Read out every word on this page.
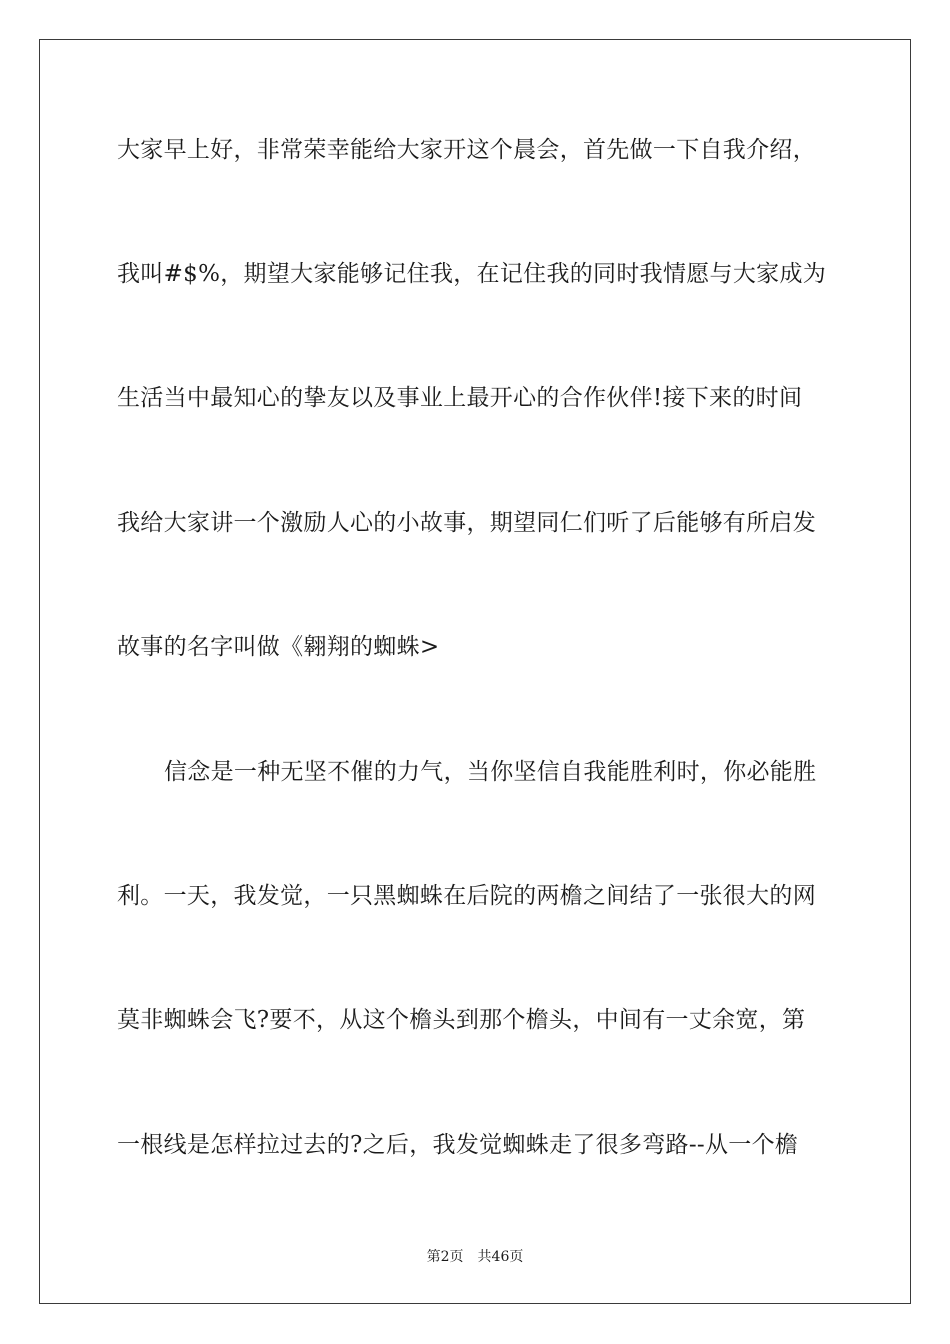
大家早上好，非常荣幸能给大家开这个晨会，首先做一下自我介绍，
我叫#$%，期望大家能够记住我，在记住我的同时我情愿与大家成为
生活当中最知心的挚友以及事业上最开心的合作伙伴!接下来的时间
我给大家讲一个激励人心的小故事，期望同仁们听了后能够有所启发
故事的名字叫做《翱翔的蜘蛛>
信念是一种无坚不催的力气，当你坚信自我能胜利时，你必能胜
利。一天，我发觉，一只黑蜘蛛在后院的两檐之间结了一张很大的网
莫非蜘蛛会飞?要不，从这个檐头到那个檐头，中间有一丈余宽，第
一根线是怎样拉过去的?之后，我发觉蜘蛛走了很多弯路--从一个檐
第2页 共46页
